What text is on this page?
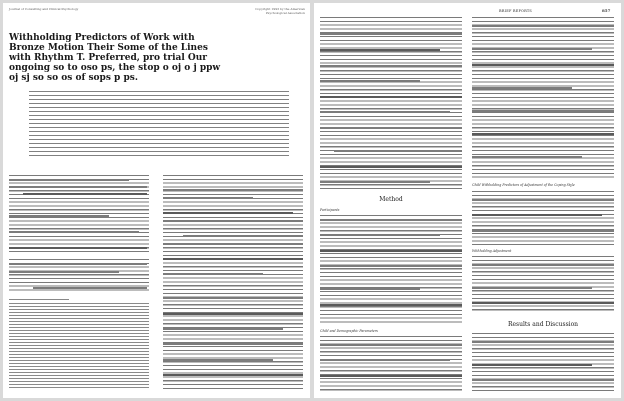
Journal of Consulting and Clinical Psychology	Copyright 1993 by the American Psychological Association
Withholding Predictors of Work with Bronze Motion Their Some of the Lines with Rhythm T. Preferred, pro trial Our ongoing so to oso ps, the stop o oj o j ppw oj sj so so os of sops p ps.
BRIEF REPORTS	857
Method
Participants
Child and Demographic Parameters
Child Withholding Predictors of Adjustment of the Coping Style
Withholding Adjustment
Results and Discussion
